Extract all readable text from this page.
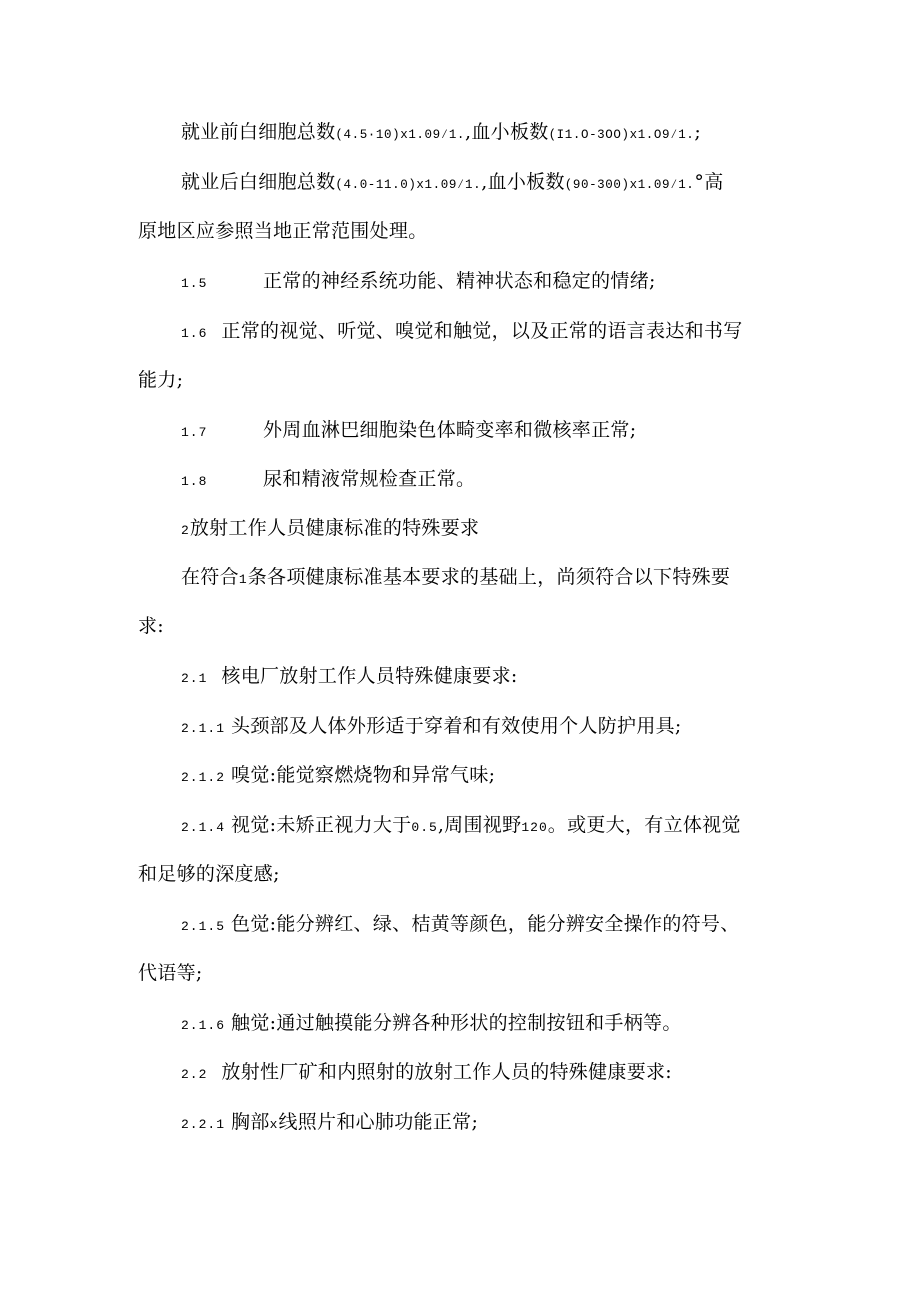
就业前白细胞总数(4.5·10)x1.09⁄1.,血小板数(I1.O-3OO)x1.O9⁄1.;
就业后白细胞总数(4.0-11.0)x1.09⁄1.,血小板数(90-300)x1.09⁄1.°高
原地区应参照当地正常范围处理。
1.5	正常的神经系统功能、精神状态和稳定的情绪;
1.6 正常的视觉、听觉、嗅觉和触觉，以及正常的语言表达和书写
能力;
1.7	外周血淋巴细胞染色体畸变率和微核率正常;
1.8	尿和精液常规检查正常。
2放射工作人员健康标准的特殊要求
在符合1条各项健康标准基本要求的基础上，尚须符合以下特殊要
求:
2.1 核电厂放射工作人员特殊健康要求:
2.1.1 头颈部及人体外形适于穿着和有效使用个人防护用具;
2.1.2 嗅觉:能觉察燃烧物和异常气味;
2.1.4 视觉:未矫正视力大于0.5,周围视野120。或更大，有立体视觉
和足够的深度感;
2.1.5 色觉:能分辨红、绿、桔黄等颜色，能分辨安全操作的符号、
代语等;
2.1.6 触觉:通过触摸能分辨各种形状的控制按钮和手柄等。
2.2 放射性厂矿和内照射的放射工作人员的特殊健康要求:
2.2.1 胸部x线照片和心肺功能正常;
